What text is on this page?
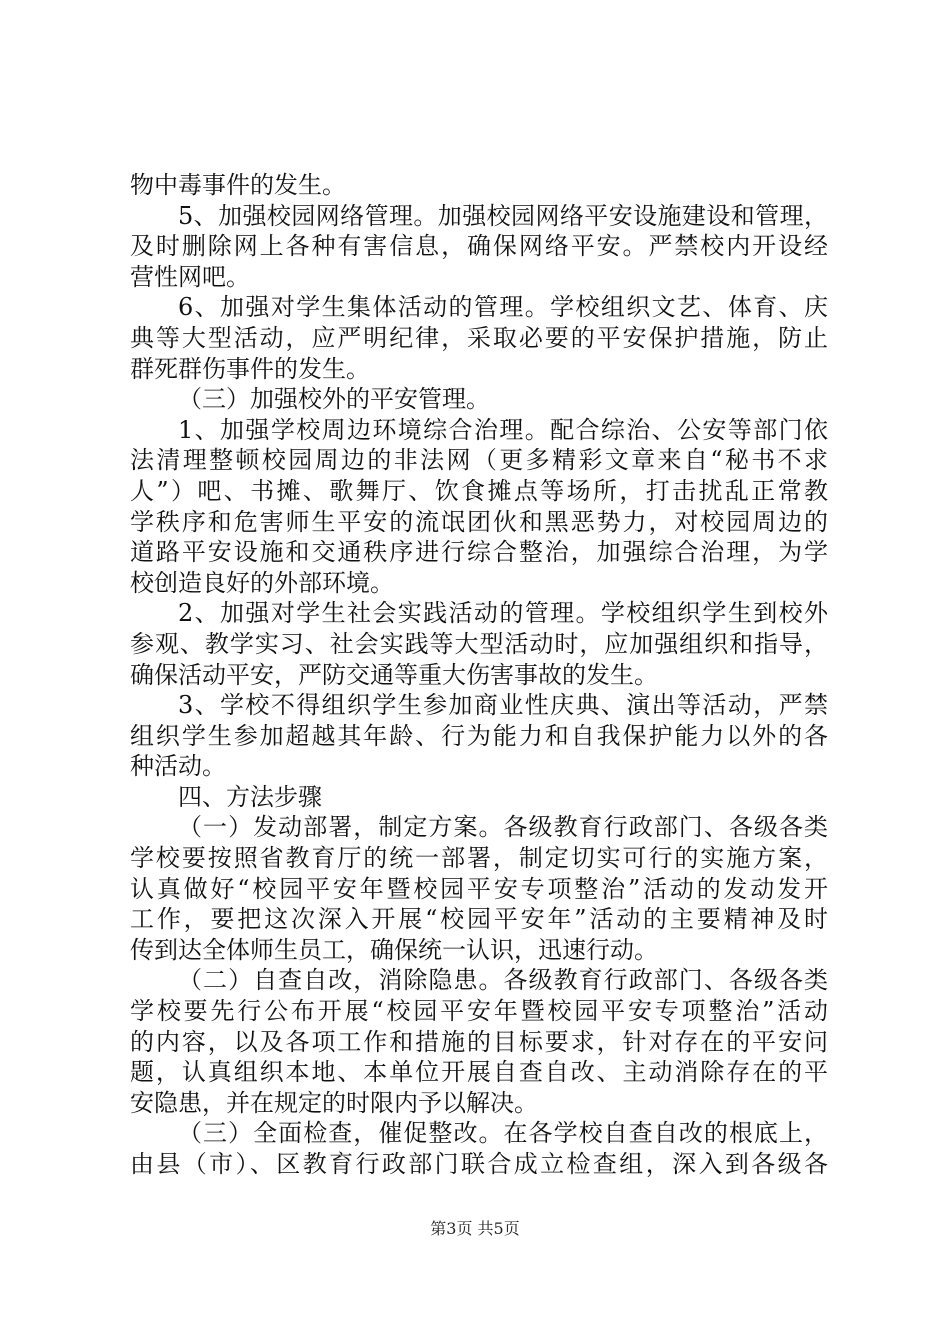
物中毒事件的发生。
5、加强校园网络管理。加强校园网络平安设施建设和管理，
及时删除网上各种有害信息，确保网络平安。严禁校内开设经
营性网吧。
6、加强对学生集体活动的管理。学校组织文艺、体育、庆
典等大型活动，应严明纪律，采取必要的平安保护措施，防止
群死群伤事件的发生。
（三）加强校外的平安管理。
1、加强学校周边环境综合治理。配合综治、公安等部门依
法清理整顿校园周边的非法网（更多精彩文章来自“秘书不求
人”）吧、书摊、歌舞厅、饮食摊点等场所，打击扰乱正常教
学秩序和危害师生平安的流氓团伙和黑恶势力，对校园周边的
道路平安设施和交通秩序进行综合整治，加强综合治理，为学
校创造良好的外部环境。
2、加强对学生社会实践活动的管理。学校组织学生到校外
参观、教学实习、社会实践等大型活动时，应加强组织和指导，
确保活动平安，严防交通等重大伤害事故的发生。
3、学校不得组织学生参加商业性庆典、演出等活动，严禁
组织学生参加超越其年龄、行为能力和自我保护能力以外的各
种活动。
四、方法步骤
（一）发动部署，制定方案。各级教育行政部门、各级各类
学校要按照省教育厅的统一部署，制定切实可行的实施方案，
认真做好“校园平安年暨校园平安专项整治”活动的发动发开
工作，要把这次深入开展“校园平安年”活动的主要精神及时
传到达全体师生员工，确保统一认识，迅速行动。
（二）自查自改，消除隐患。各级教育行政部门、各级各类
学校要先行公布开展“校园平安年暨校园平安专项整治”活动
的内容，以及各项工作和措施的目标要求，针对存在的平安问
题，认真组织本地、本单位开展自查自改、主动消除存在的平
安隐患，并在规定的时限内予以解决。
（三）全面检查，催促整改。在各学校自查自改的根底上，
由县（市）、区教育行政部门联合成立检查组，深入到各级各
第3页 共5页
